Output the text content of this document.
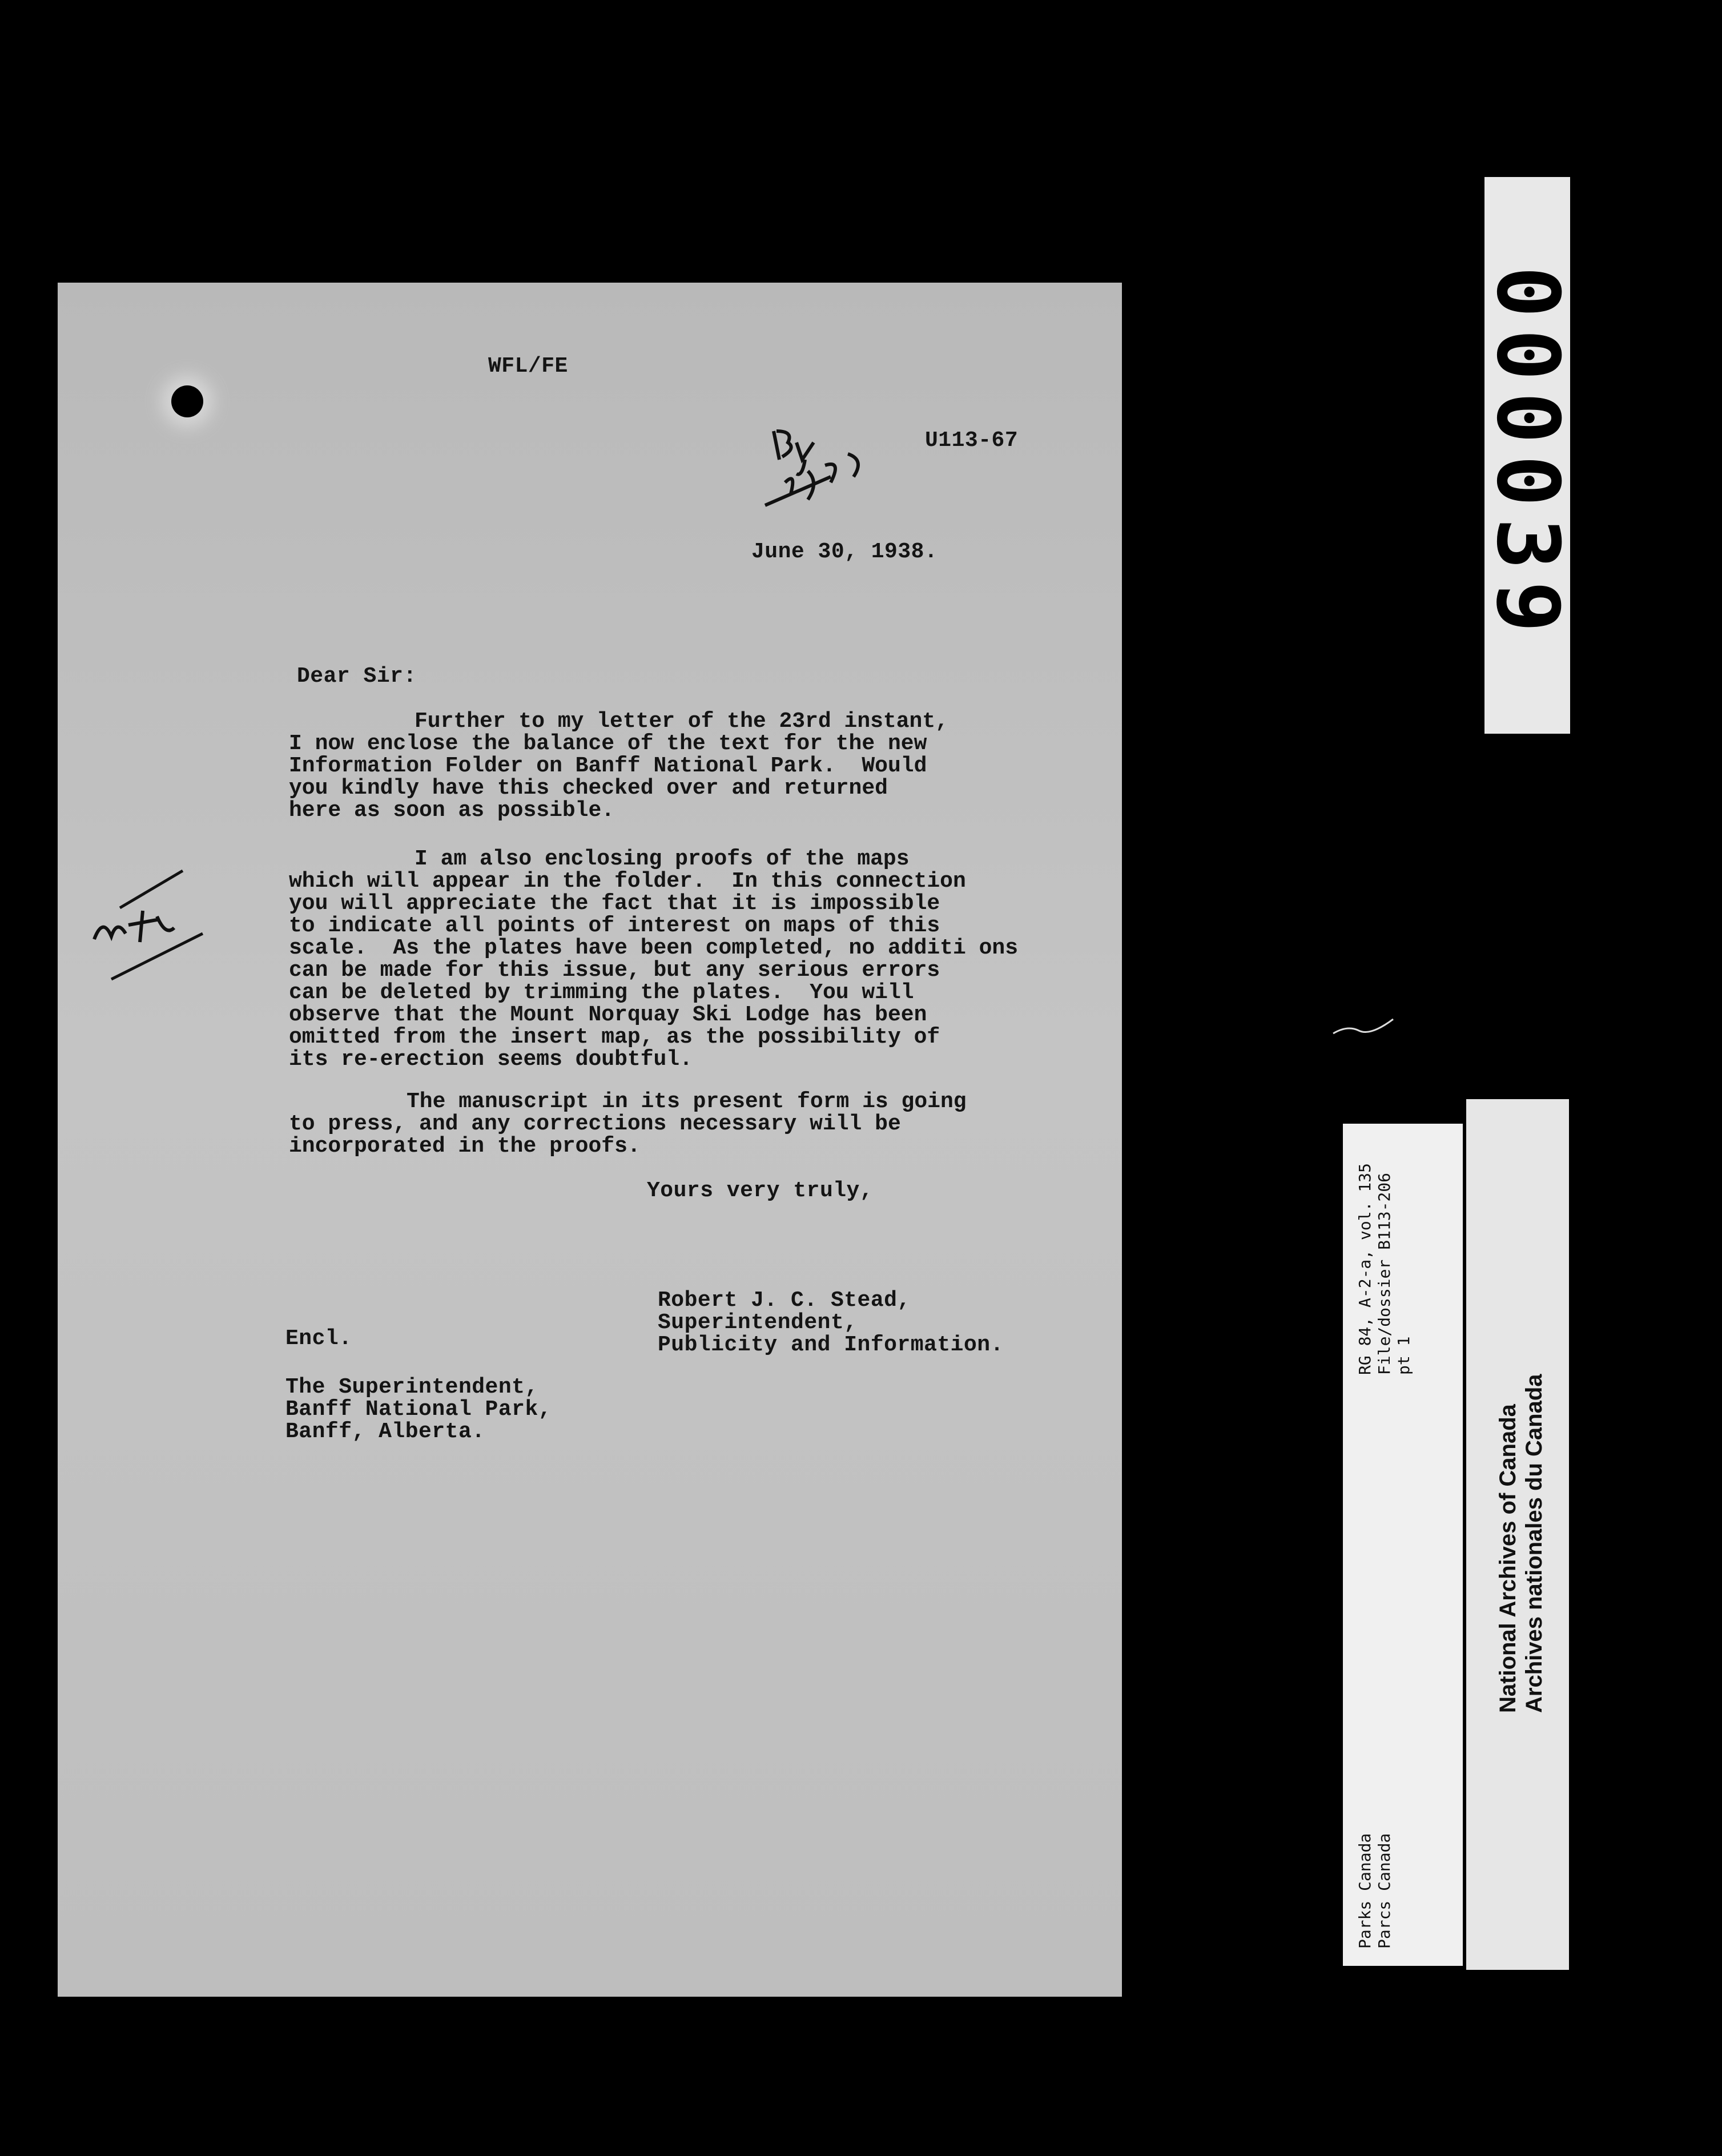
WFL/FE
U113-67
June 30, 1938.
Dear Sir:
Further to my letter of the 23rd instant,
I now enclose the balance of the text for the new
Information Folder on Banff National Park.  Would
you kindly have this checked over and returned
here as soon as possible.
I am also enclosing proofs of the maps
which will appear in the folder.  In this connection
you will appreciate the fact that it is impossible
to indicate all points of interest on maps of this
scale.  As the plates have been completed, no additi ons
can be made for this issue, but any serious errors
can be deleted by trimming the plates.  You will
observe that the Mount Norquay Ski Lodge has been
omitted from the insert map, as the possibility of
its re-erection seems doubtful.
The manuscript in its present form is going
to press, and any corrections necessary will be
incorporated in the proofs.
Yours very truly,
Robert J. C. Stead,
Superintendent,
Publicity and Information.
Encl.
The Superintendent,
Banff National Park,
Banff, Alberta.
000039
RG 84, A-2-a, vol. 135
File/dossier B113-206
pt 1
Parks Canada
Parcs Canada
National Archives of Canada
Archives nationales du Canada
